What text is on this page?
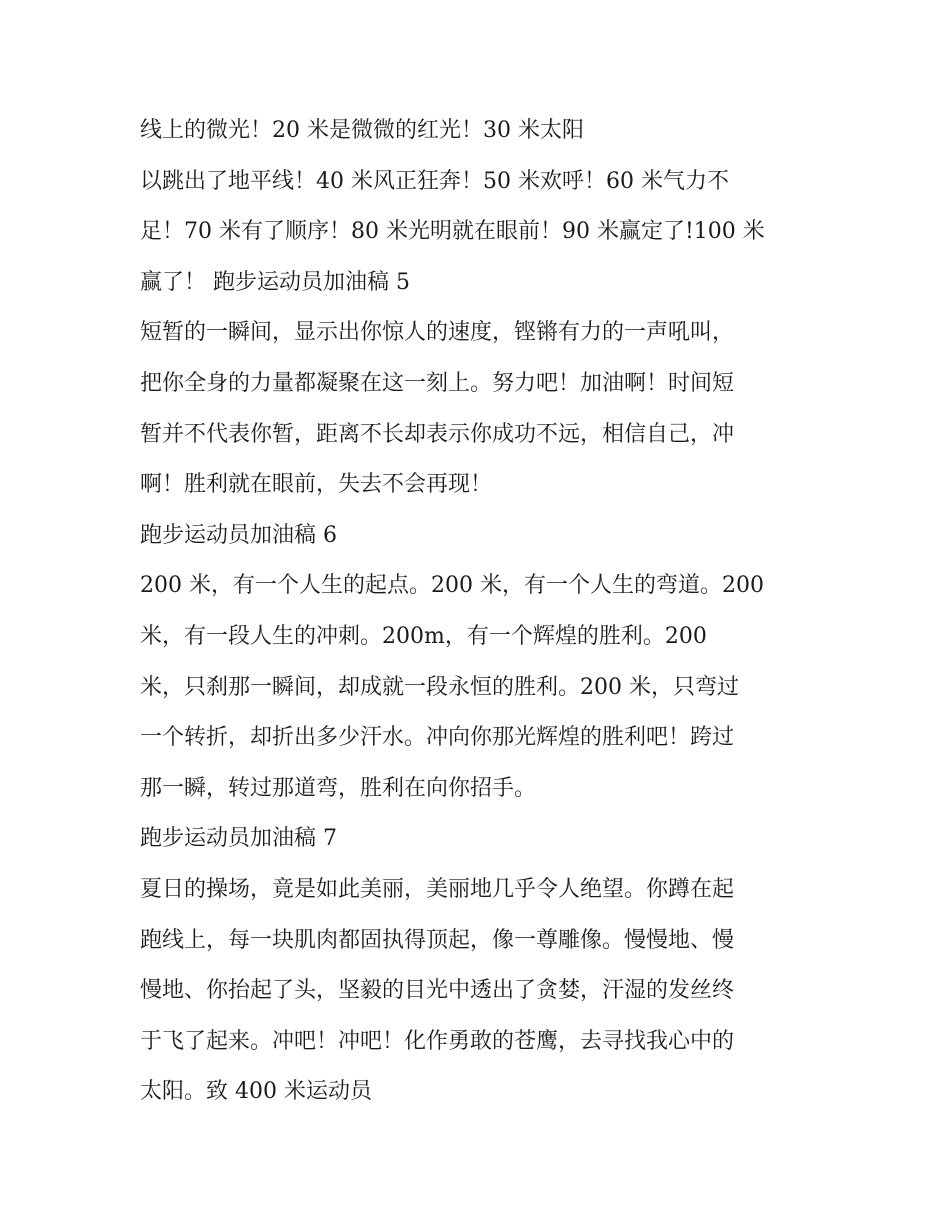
线上的微光！20 米是微微的红光！30 米太阳
以跳出了地平线！40 米风正狂奔！50 米欢呼！60 米气力不
足！70 米有了顺序！80 米光明就在眼前！90 米赢定了!100 米
赢了！ 跑步运动员加油稿 5
短暂的一瞬间，显示出你惊人的速度，铿锵有力的一声吼叫，
把你全身的力量都凝聚在这一刻上。努力吧！加油啊！时间短
暂并不代表你暂，距离不长却表示你成功不远，相信自己，冲
啊！胜利就在眼前，失去不会再现！
跑步运动员加油稿 6
200 米，有一个人生的起点。200 米，有一个人生的弯道。200
米，有一段人生的冲刺。200m，有一个辉煌的胜利。200
米，只刹那一瞬间，却成就一段永恒的胜利。200 米，只弯过
一个转折，却折出多少汗水。冲向你那光辉煌的胜利吧！跨过
那一瞬，转过那道弯，胜利在向你招手。
跑步运动员加油稿 7
夏日的操场，竟是如此美丽，美丽地几乎令人绝望。你蹲在起
跑线上，每一块肌肉都固执得顶起，像一尊雕像。慢慢地、慢
慢地、你抬起了头，坚毅的目光中透出了贪婪，汗湿的发丝终
于飞了起来。冲吧！冲吧！化作勇敢的苍鹰，去寻找我心中的
太阳。致 400 米运动员
